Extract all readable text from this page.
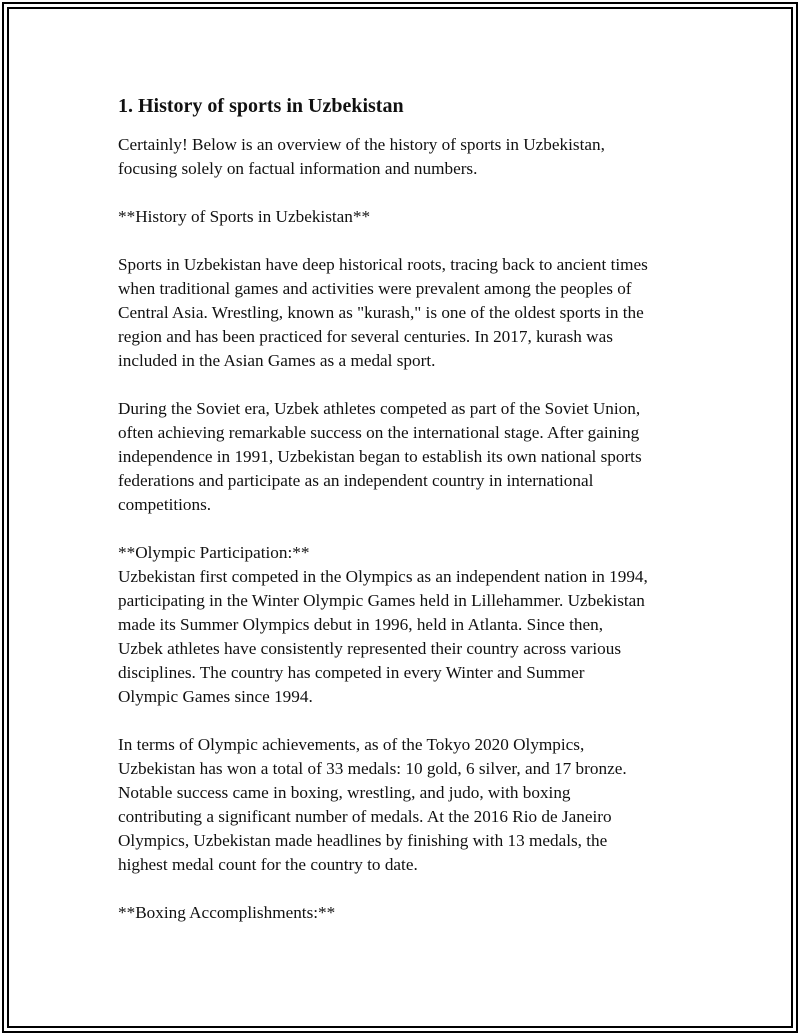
1. History of sports in Uzbekistan

Certainly! Below is an overview of the history of sports in Uzbekistan,
focusing solely on factual information and numbers.

**History of Sports in Uzbekistan**

Sports in Uzbekistan have deep historical roots, tracing back to ancient times
when traditional games and activities were prevalent among the peoples of
Central Asia. Wrestling, known as "kurash," is one of the oldest sports in the
region and has been practiced for several centuries. In 2017, kurash was
included in the Asian Games as a medal sport.

During the Soviet era, Uzbek athletes competed as part of the Soviet Union,
often achieving remarkable success on the international stage. After gaining
independence in 1991, Uzbekistan began to establish its own national sports
federations and participate as an independent country in international
competitions.

**Olympic Participation:**
Uzbekistan first competed in the Olympics as an independent nation in 1994,
participating in the Winter Olympic Games held in Lillehammer. Uzbekistan
made its Summer Olympics debut in 1996, held in Atlanta. Since then,
Uzbek athletes have consistently represented their country across various
disciplines. The country has competed in every Winter and Summer
Olympic Games since 1994.

In terms of Olympic achievements, as of the Tokyo 2020 Olympics,
Uzbekistan has won a total of 33 medals: 10 gold, 6 silver, and 17 bronze.
Notable success came in boxing, wrestling, and judo, with boxing
contributing a significant number of medals. At the 2016 Rio de Janeiro
Olympics, Uzbekistan made headlines by finishing with 13 medals, the
highest medal count for the country to date.

**Boxing Accomplishments:**
